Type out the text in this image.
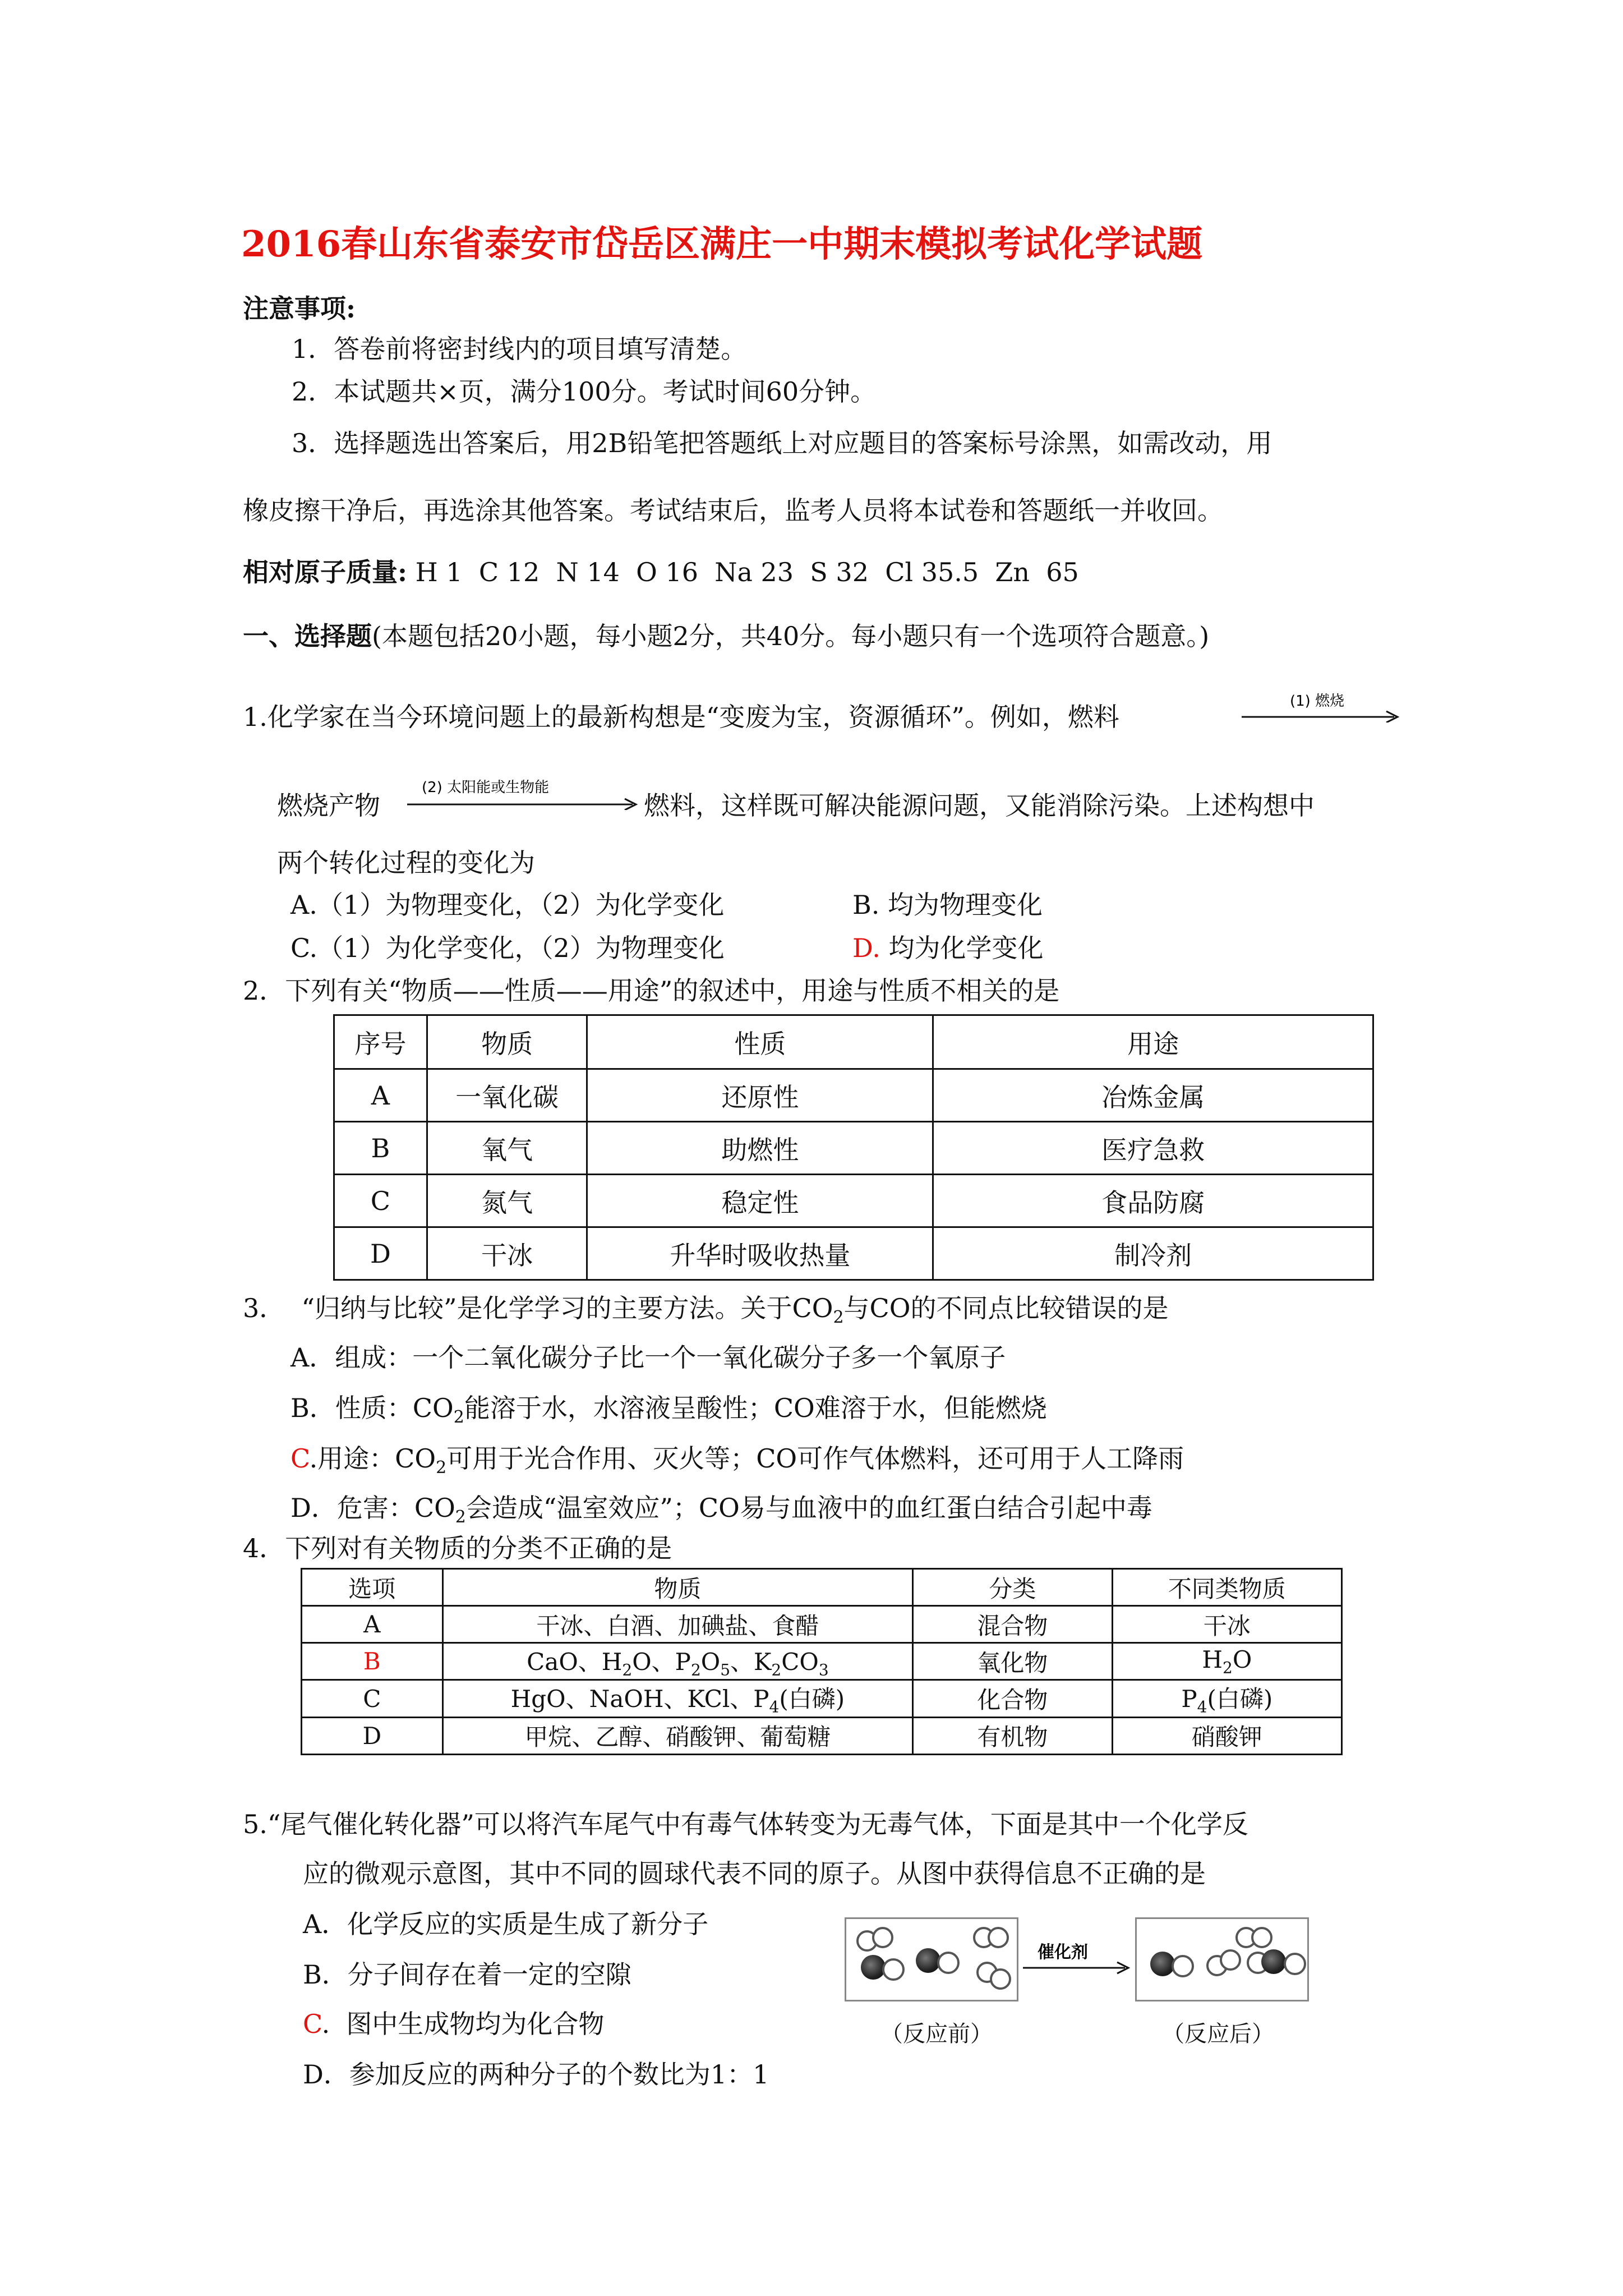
2016春山东省泰安市岱岳区满庄一中期末模拟考试化学试题
注意事项:
1．答卷前将密封线内的项目填写清楚。
2．本试题共×页，满分100分。考试时间60分钟。
3．选择题选出答案后，用2B铅笔把答题纸上对应题目的答案标号涂黑，如需改动，用
橡皮擦干净后，再选涂其他答案。考试结束后，监考人员将本试卷和答题纸一并收回。
相对原子质量: H 1  C 12  N 14  O 16  Na 23  S 32  Cl 35.5  Zn  65
一、选择题(本题包括20小题，每小题2分，共40分。每小题只有一个选项符合题意。)
1.化学家在当今环境问题上的最新构想是“变废为宝，资源循环”。例如，燃料
(1) 燃烧
燃烧产物
(2) 太阳能或生物能
燃料，这样既可解决能源问题，又能消除污染。上述构想中
两个转化过程的变化为
A.（1）为物理变化，（2）为化学变化	B. 均为物理变化
C.（1）为化学变化，（2）为物理变化	D. 均为化学变化
2．下列有关“物质——性质——用途”的叙述中，用途与性质不相关的是
序号	物质	性质	用途
A	一氧化碳	还原性	冶炼金属
B	氧气	助燃性	医疗急救
C	氮气	稳定性	食品防腐
D	干冰	升华时吸收热量	制冷剂
3．  “归纳与比较”是化学学习的主要方法。关于$CO_2$与CO的不同点比较错误的是
A．组成：一个二氧化碳分子比一个一氧化碳分子多一个氧原子
B．性质：$CO_2$能溶于水，水溶液呈酸性；CO难溶于水，但能燃烧
C.用途：$CO_2$可用于光合作用、灭火等；CO可作气体燃料，还可用于人工降雨
D．危害：$CO_2$会造成“温室效应”；CO易与血液中的血红蛋白结合引起中毒
4．下列对有关物质的分类不正确的是
选项	物质	分类	不同类物质
A	干冰、白酒、加碘盐、食醋	混合物	干冰
B	CaO、$H_2O$、$P_2O_5$、$K_2CO_3$	氧化物	$H_2O$
C	HgO、NaOH、KCl、$P_4$(白磷)	化合物	$P_4$(白磷)
D	甲烷、乙醇、硝酸钾、葡萄糖	有机物	硝酸钾
5.“尾气催化转化器”可以将汽车尾气中有毒气体转变为无毒气体，下面是其中一个化学反
应的微观示意图，其中不同的圆球代表不同的原子。从图中获得信息不正确的是
A．化学反应的实质是生成了新分子
B．分子间存在着一定的空隙
C.  图中生成物均为化合物
D．参加反应的两种分子的个数比为1：1
催化剂
（反应前）	（反应后）
